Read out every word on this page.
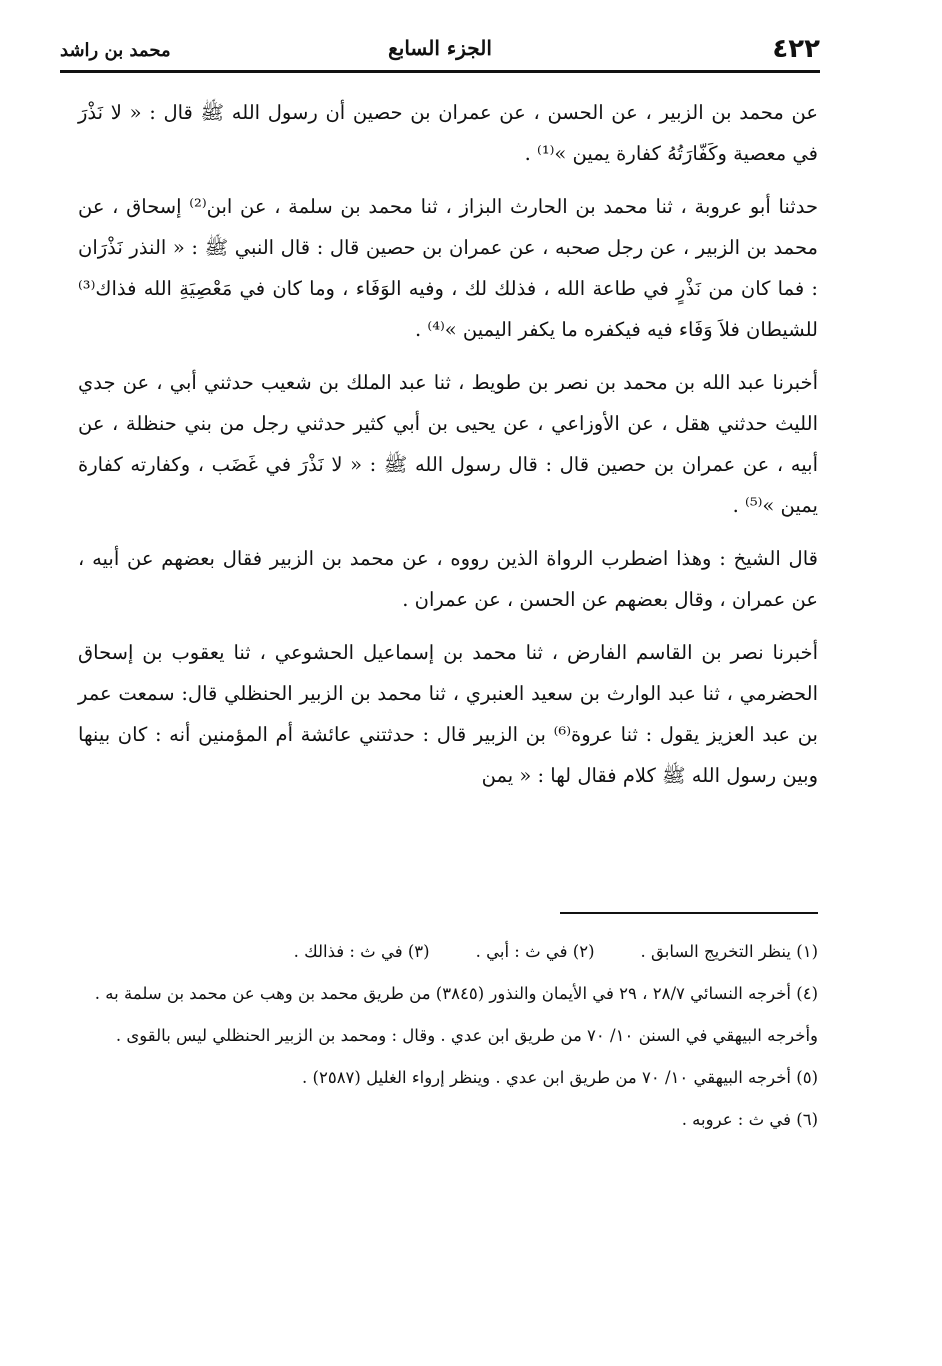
٤٢٢
الجزء السابع
محمد بن راشد

عن محمد بن الزبير ، عن الحسن ، عن عمران بن حصين أن رسول الله ﷺ قال : « لا نَذْرَ في معصية وكَفّارَتُهُ كفارة يمين »⁽¹⁾ .

حدثنا أبو عروبة ، ثنا محمد بن الحارث البزاز ، ثنا محمد بن سلمة ، عن ابن⁽²⁾ إسحاق ، عن محمد بن الزبير ، عن رجل صحبه ، عن عمران بن حصين قال : قال النبي ﷺ : « النذر نَذْرَان : فما كان من نَذْرٍ في طاعة الله ، فذلك لك ، وفيه الوَفَاء ، وما كان في مَعْصِيَةِ الله فذاك⁽³⁾ للشيطان فلاَ وَفَاء فيه فيكفره ما يكفر اليمين »⁽⁴⁾ .

أخبرنا عبد الله بن محمد بن نصر بن طويط ، ثنا عبد الملك بن شعيب حدثني أبي ، عن جدي الليث حدثني هقل ، عن الأوزاعي ، عن يحيى بن أبي كثير حدثني رجل من بني حنظلة ، عن أبيه ، عن عمران بن حصين قال : قال رسول الله ﷺ : « لا نَذْرَ في غَضَب ، وكفارته كفارة يمين »⁽⁵⁾ .

قال الشيخ : وهذا اضطرب الرواة الذين رووه ، عن محمد بن الزبير فقال بعضهم عن أبيه ، عن عمران ، وقال بعضهم عن الحسن ، عن عمران .

أخبرنا نصر بن القاسم الفارض ، ثنا محمد بن إسماعيل الحشوعي ، ثنا يعقوب بن إسحاق الحضرمي ، ثنا عبد الوارث بن سعيد العنبري ، ثنا محمد بن الزبير الحنظلي قال: سمعت عمر بن عبد العزيز يقول : ثنا عروة⁽⁶⁾ بن الزبير قال : حدثتني عائشة أم المؤمنين أنه : كان بينها وبين رسول الله ﷺ كلام فقال لها : « يمن

(١) ينظر التخريج السابق .
(٢) في ث : أبي .
(٣) في ث : فذالك .

(٤) أخرجه النسائي ٢٨/٧ ، ٢٩ في الأيمان والنذور (٣٨٤٥) من طريق محمد بن وهب عن محمد بن سلمة به .

وأخرجه البيهقي في السنن ١٠/ ٧٠ من طريق ابن عدي . وقال : ومحمد بن الزبير الحنظلي ليس بالقوى .

(٥) أخرجه البيهقي ١٠/ ٧٠ من طريق ابن عدي . وينظر إرواء الغليل (٢٥٨٧) .

(٦) في ث : عروبه .
